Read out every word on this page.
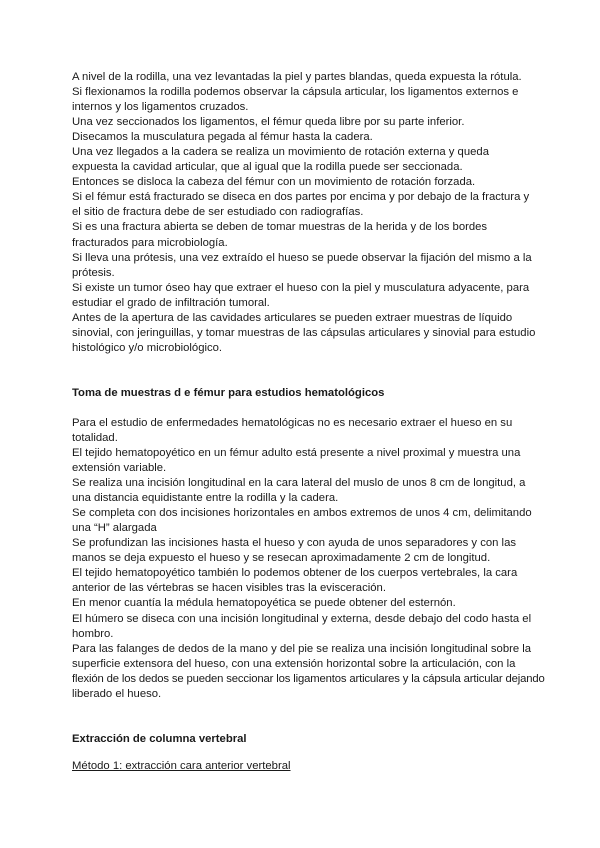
A nivel de la rodilla, una vez levantadas la piel y partes blandas, queda expuesta la rótula.

Si flexionamos la rodilla podemos observar la cápsula articular, los ligamentos externos e

internos y los ligamentos cruzados.

Una vez seccionados los ligamentos, el fémur queda libre por su parte inferior.

Disecamos la musculatura pegada al fémur hasta la cadera.

Una vez llegados a la cadera se realiza un movimiento de rotación externa y queda

expuesta la cavidad articular, que al igual que la rodilla puede ser seccionada.

Entonces se disloca la cabeza del fémur con un movimiento de rotación forzada.

Si el fémur está fracturado se diseca en dos partes por encima y por debajo de la fractura y

el sitio de fractura debe de ser estudiado con radiografías.

Si es una fractura abierta se deben de tomar muestras de la herida y de los bordes

fracturados para microbiología.

Si lleva una prótesis, una vez extraído el hueso se puede observar la fijación del mismo a la

prótesis.

Si existe un tumor óseo hay que extraer el hueso con la piel y musculatura adyacente, para

estudiar el grado de infiltración tumoral.

Antes de la apertura de las cavidades articulares se pueden extraer muestras de líquido

sinovial, con jeringuillas, y tomar muestras de las cápsulas articulares y sinovial para estudio

histológico y/o microbiológico.

Toma de muestras d e fémur para estudios hematológicos

Para el estudio de enfermedades hematológicas no es necesario extraer el hueso en su

totalidad.

El tejido hematopoyético en un fémur adulto está presente a nivel proximal y muestra una

extensión variable.

Se realiza una incisión longitudinal en la cara lateral del muslo de unos 8 cm de longitud, a

una distancia equidistante entre la rodilla y la cadera.

Se completa con dos incisiones horizontales en ambos extremos de unos 4 cm, delimitando

una “H” alargada

Se profundizan las incisiones hasta el hueso y con ayuda de unos separadores y con las

manos se deja expuesto el hueso y se resecan aproximadamente 2 cm de longitud.

El tejido hematopoyético también lo podemos obtener de los cuerpos vertebrales, la cara

anterior de las vértebras se hacen visibles tras la evisceración.

En menor cuantía la médula hematopoyética se puede obtener del esternón.

El húmero se diseca con una incisión longitudinal y externa, desde debajo del codo hasta el

hombro.

Para las falanges de dedos de la mano y del pie se realiza una incisión longitudinal sobre la

superficie extensora del hueso, con una extensión horizontal sobre la articulación, con la

flexión de los dedos se pueden seccionar los ligamentos articulares y la cápsula articular dejando

liberado el hueso.

Extracción de columna vertebral

Método 1: extracción cara anterior vertebral
